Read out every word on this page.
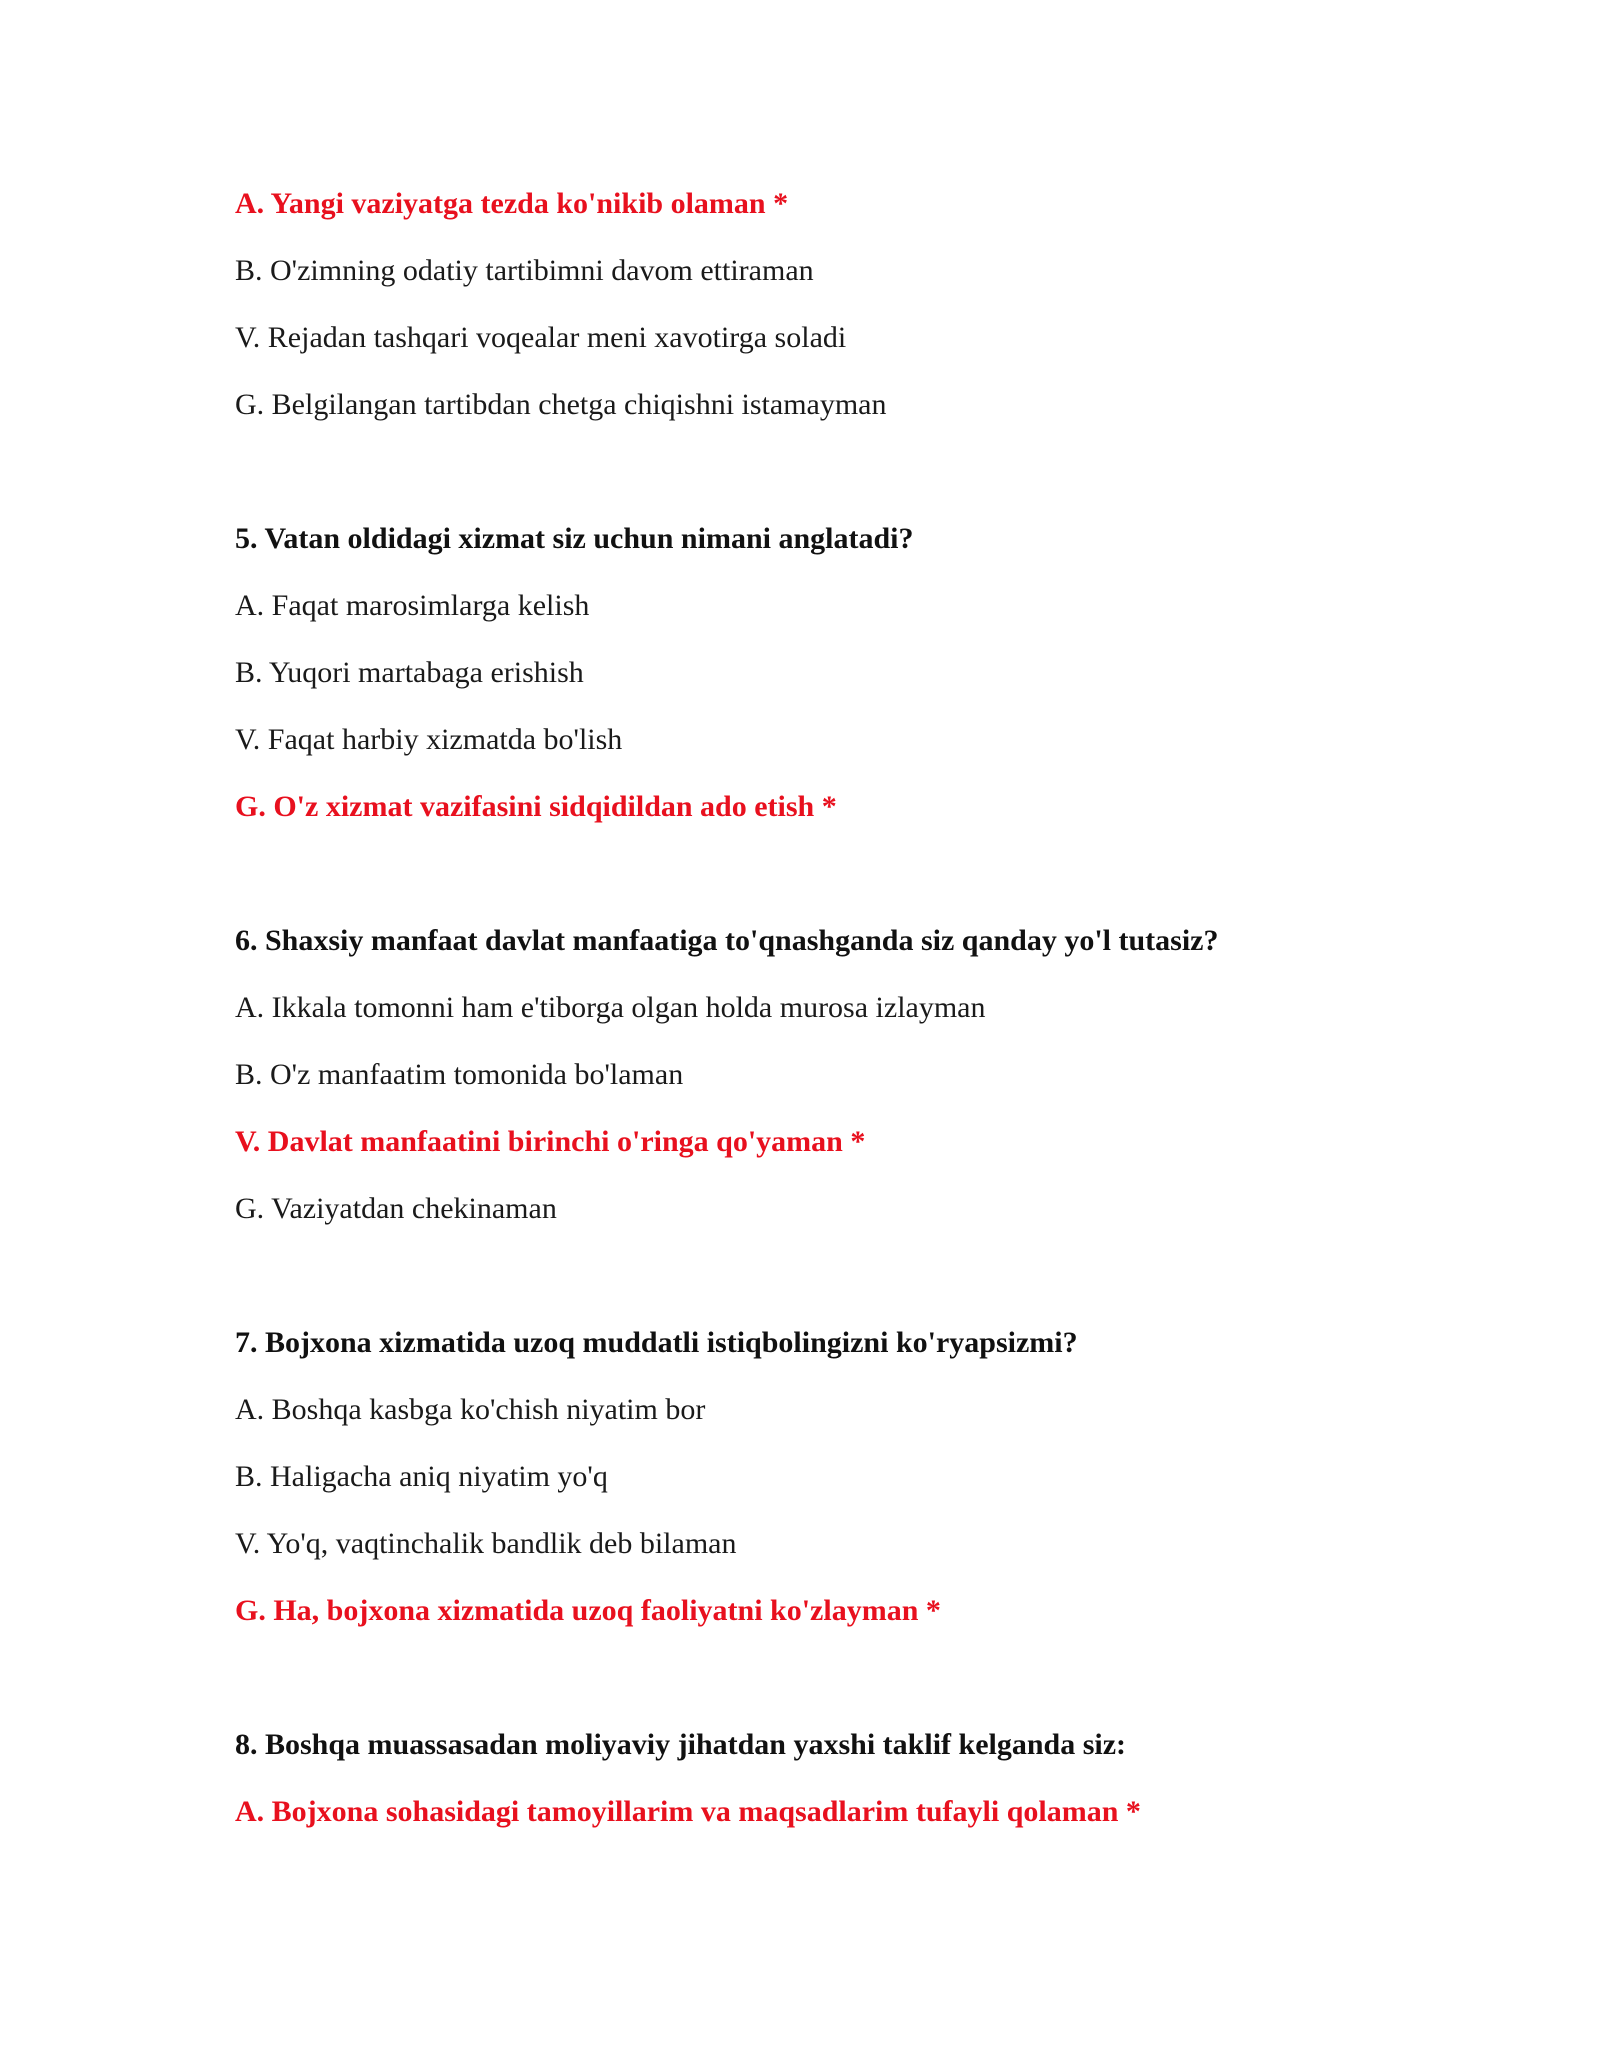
A. Yangi vaziyatga tezda ko'nikib olaman *

B. O'zimning odatiy tartibimni davom ettiraman

V. Rejadan tashqari voqealar meni xavotirga soladi

G. Belgilangan tartibdan chetga chiqishni istamayman

5. Vatan oldidagi xizmat siz uchun nimani anglatadi?

A. Faqat marosimlarga kelish

B. Yuqori martabaga erishish

V. Faqat harbiy xizmatda bo'lish

G. O'z xizmat vazifasini sidqidildan ado etish *

6. Shaxsiy manfaat davlat manfaatiga to'qnashganda siz qanday yo'l tutasiz?

A. Ikkala tomonni ham e'tiborga olgan holda murosa izlayman

B. O'z manfaatim tomonida bo'laman

V. Davlat manfaatini birinchi o'ringa qo'yaman *

G. Vaziyatdan chekinaman

7. Bojxona xizmatida uzoq muddatli istiqbolingizni ko'ryapsizmi?

A. Boshqa kasbga ko'chish niyatim bor

B. Haligacha aniq niyatim yo'q

V. Yo'q, vaqtinchalik bandlik deb bilaman

G. Ha, bojxona xizmatida uzoq faoliyatni ko'zlayman *

8. Boshqa muassasadan moliyaviy jihatdan yaxshi taklif kelganda siz:

A. Bojxona sohasidagi tamoyillarim va maqsadlarim tufayli qolaman *
